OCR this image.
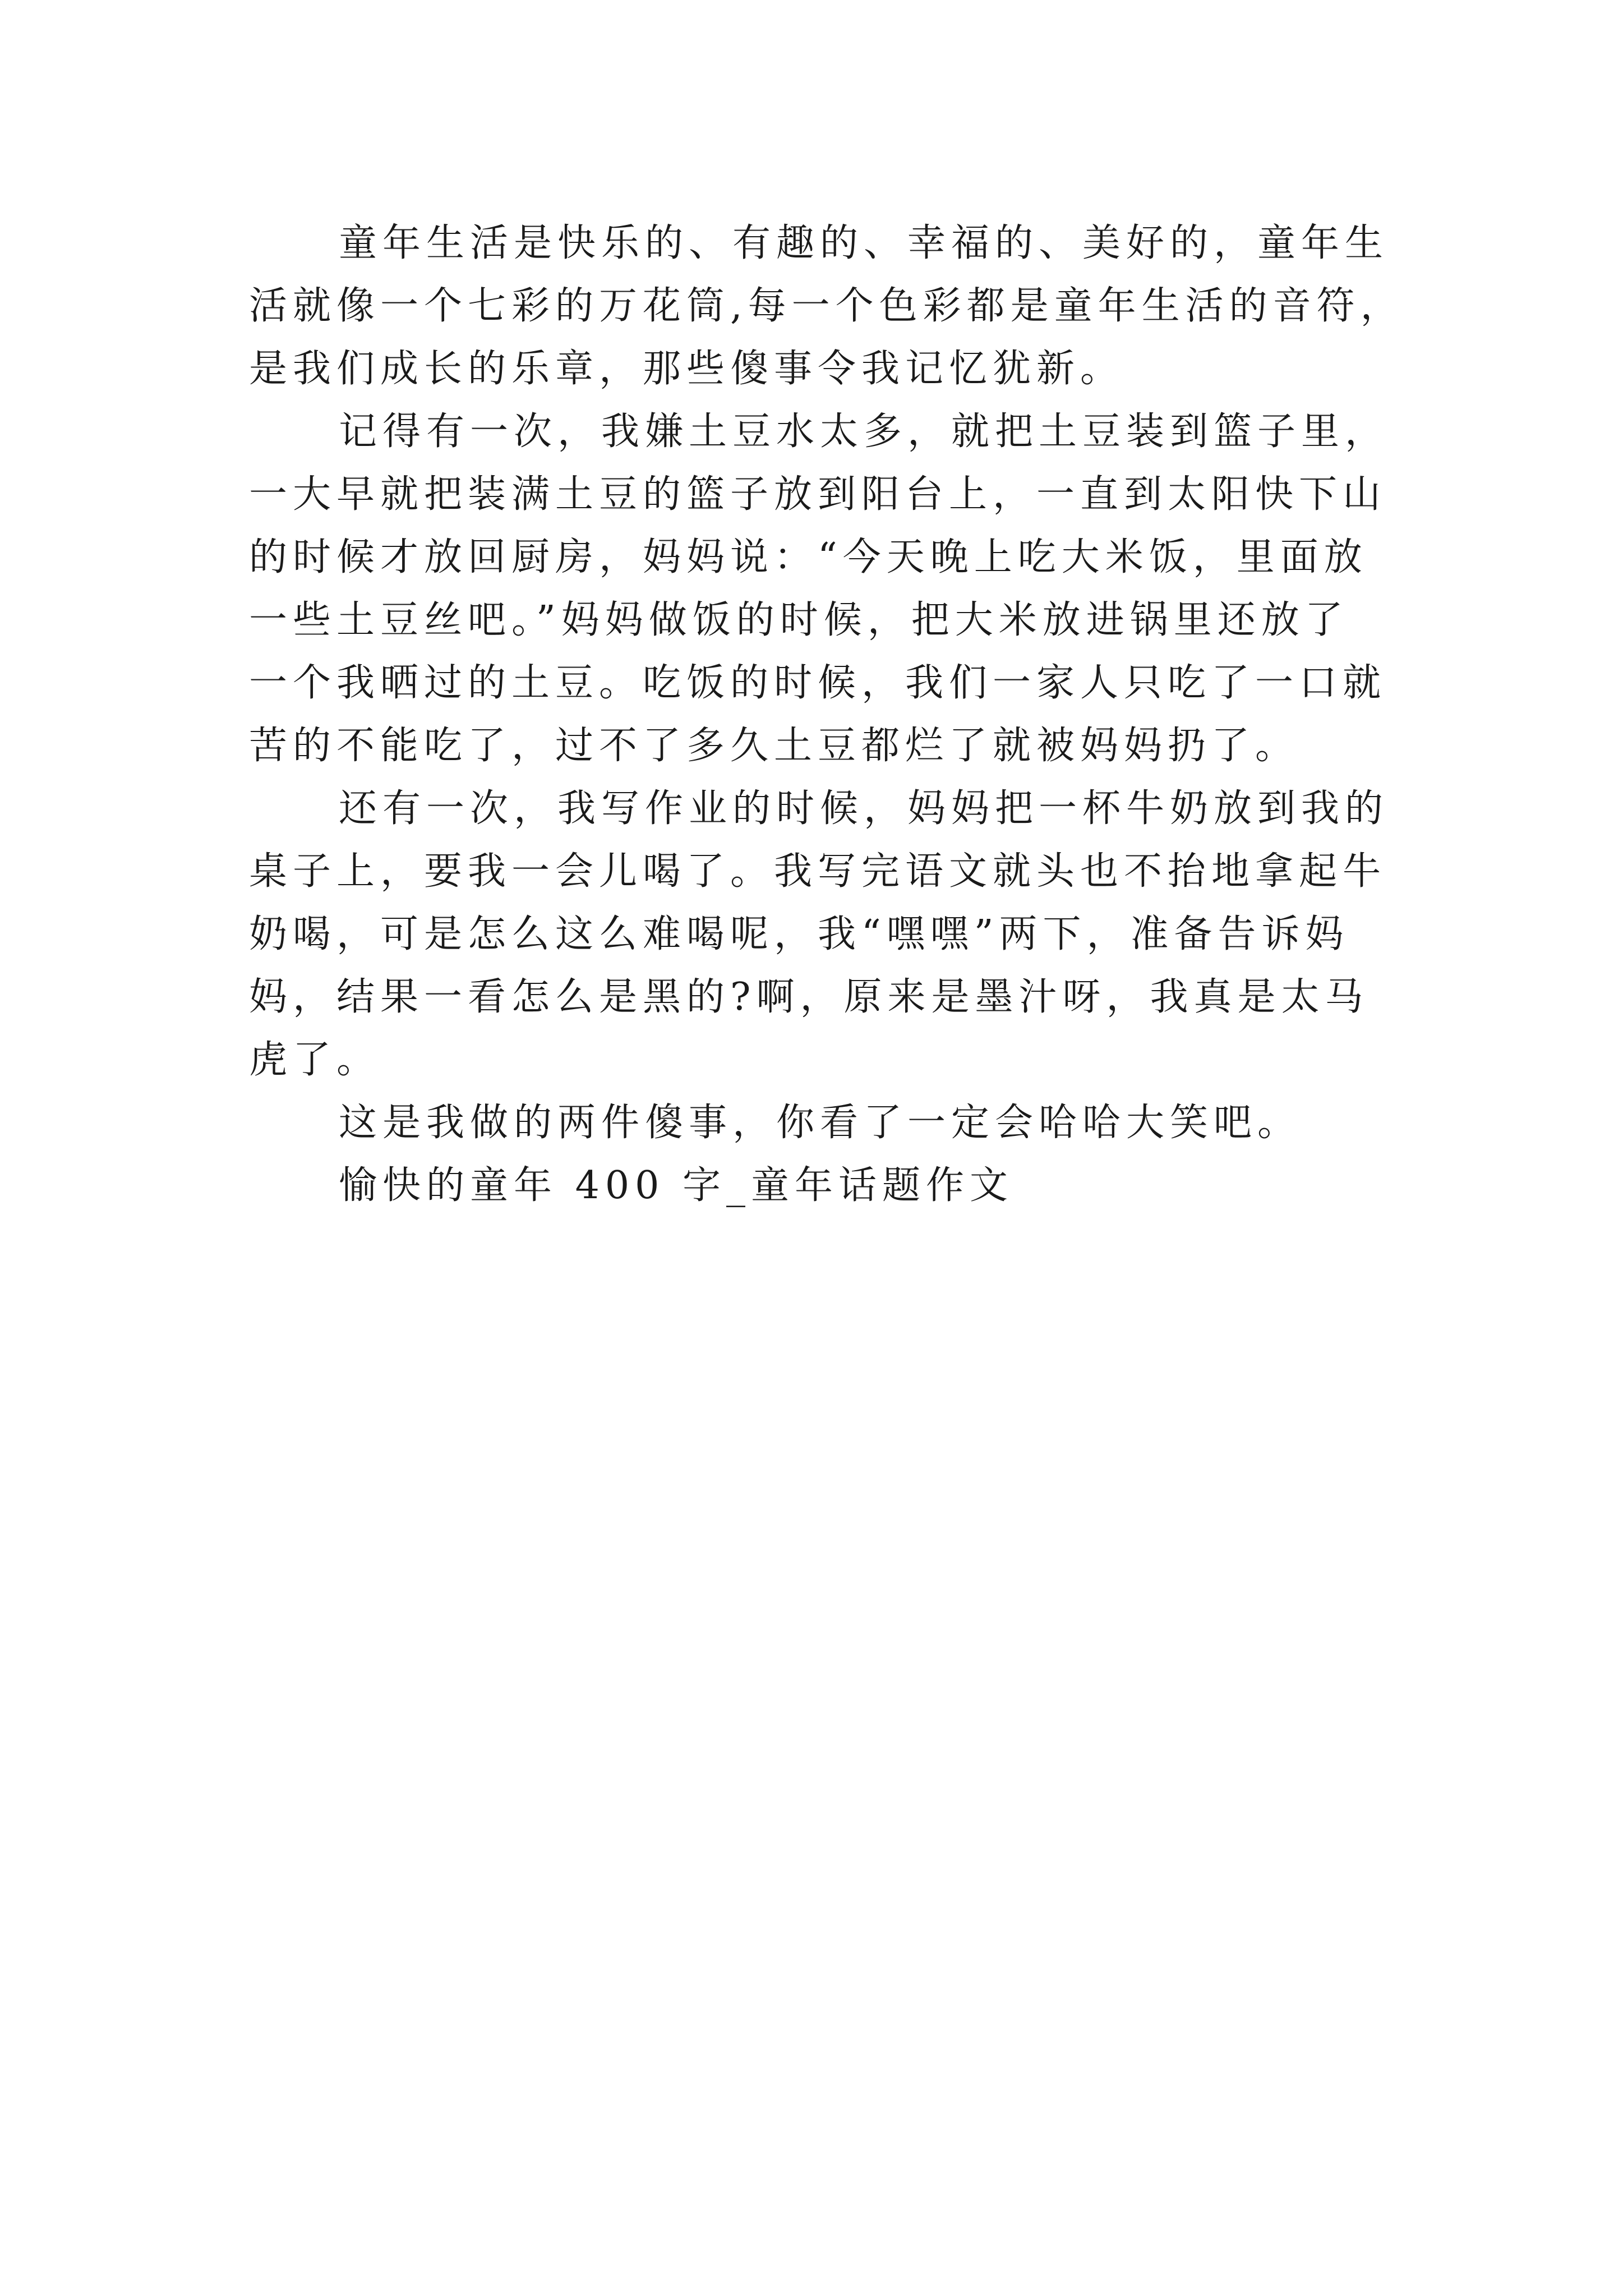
童年生活是快乐的、有趣的、幸福的、美好的，童年生
活就像一个七彩的万花筒,每一个色彩都是童年生活的音符，
是我们成长的乐章，那些傻事令我记忆犹新。
记得有一次，我嫌土豆水太多，就把土豆装到篮子里，
一大早就把装满土豆的篮子放到阳台上，一直到太阳快下山
的时候才放回厨房，妈妈说：“今天晚上吃大米饭，里面放
一些土豆丝吧。”妈妈做饭的时候，把大米放进锅里还放了
一个我晒过的土豆。吃饭的时候，我们一家人只吃了一口就
苦的不能吃了，过不了多久土豆都烂了就被妈妈扔了。
还有一次，我写作业的时候，妈妈把一杯牛奶放到我的
桌子上，要我一会儿喝了。我写完语文就头也不抬地拿起牛
奶喝，可是怎么这么难喝呢，我“嘿嘿”两下，准备告诉妈
妈，结果一看怎么是黑的?啊，原来是墨汁呀，我真是太马
虎了。
这是我做的两件傻事，你看了一定会哈哈大笑吧。
愉快的童年 400 字_童年话题作文
